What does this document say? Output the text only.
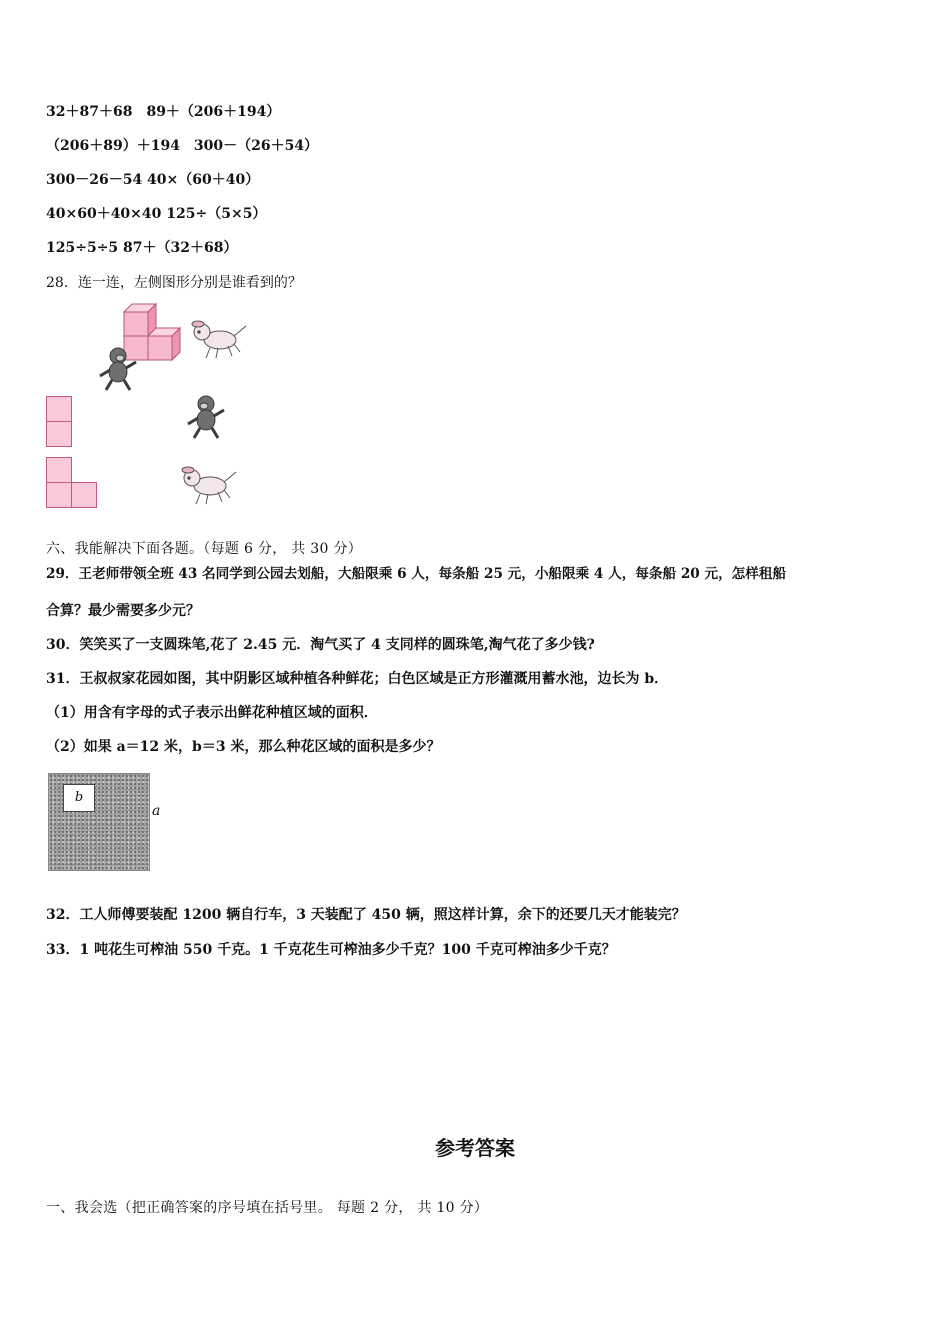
32＋87＋68　89＋（206＋194）
（206＋89）＋194　300－（26＋54）
300－26－54 40×（60＋40）
40×60＋40×40 125÷（5×5）
125÷5÷5 87＋（32＋68）
28．连一连，左侧图形分别是谁看到的？
六、我能解决下面各题。（每题 6 分， 共 30 分）
29．王老师带领全班 43 名同学到公园去划船，大船限乘 6 人，每条船 25 元，小船限乘 4 人，每条船 20 元，怎样租船
合算？最少需要多少元？
30．笑笑买了一支圆珠笔,花了 2.45 元．淘气买了 4 支同样的圆珠笔,淘气花了多少钱?
31．王叔叔家花园如图，其中阴影区域种植各种鲜花；白色区域是正方形灌溉用蓄水池，边长为 b．
（1）用含有字母的式子表示出鲜花种植区域的面积．
（2）如果 a＝12 米，b＝3 米，那么种花区域的面积是多少？
b
a
32．工人师傅要装配 1200 辆自行车，3 天装配了 450 辆，照这样计算，余下的还要几天才能装完？
33．1 吨花生可榨油 550 千克。1 千克花生可榨油多少千克？100 千克可榨油多少千克？
参考答案
一、我会选（把正确答案的序号填在括号里。 每题 2 分， 共 10 分）
